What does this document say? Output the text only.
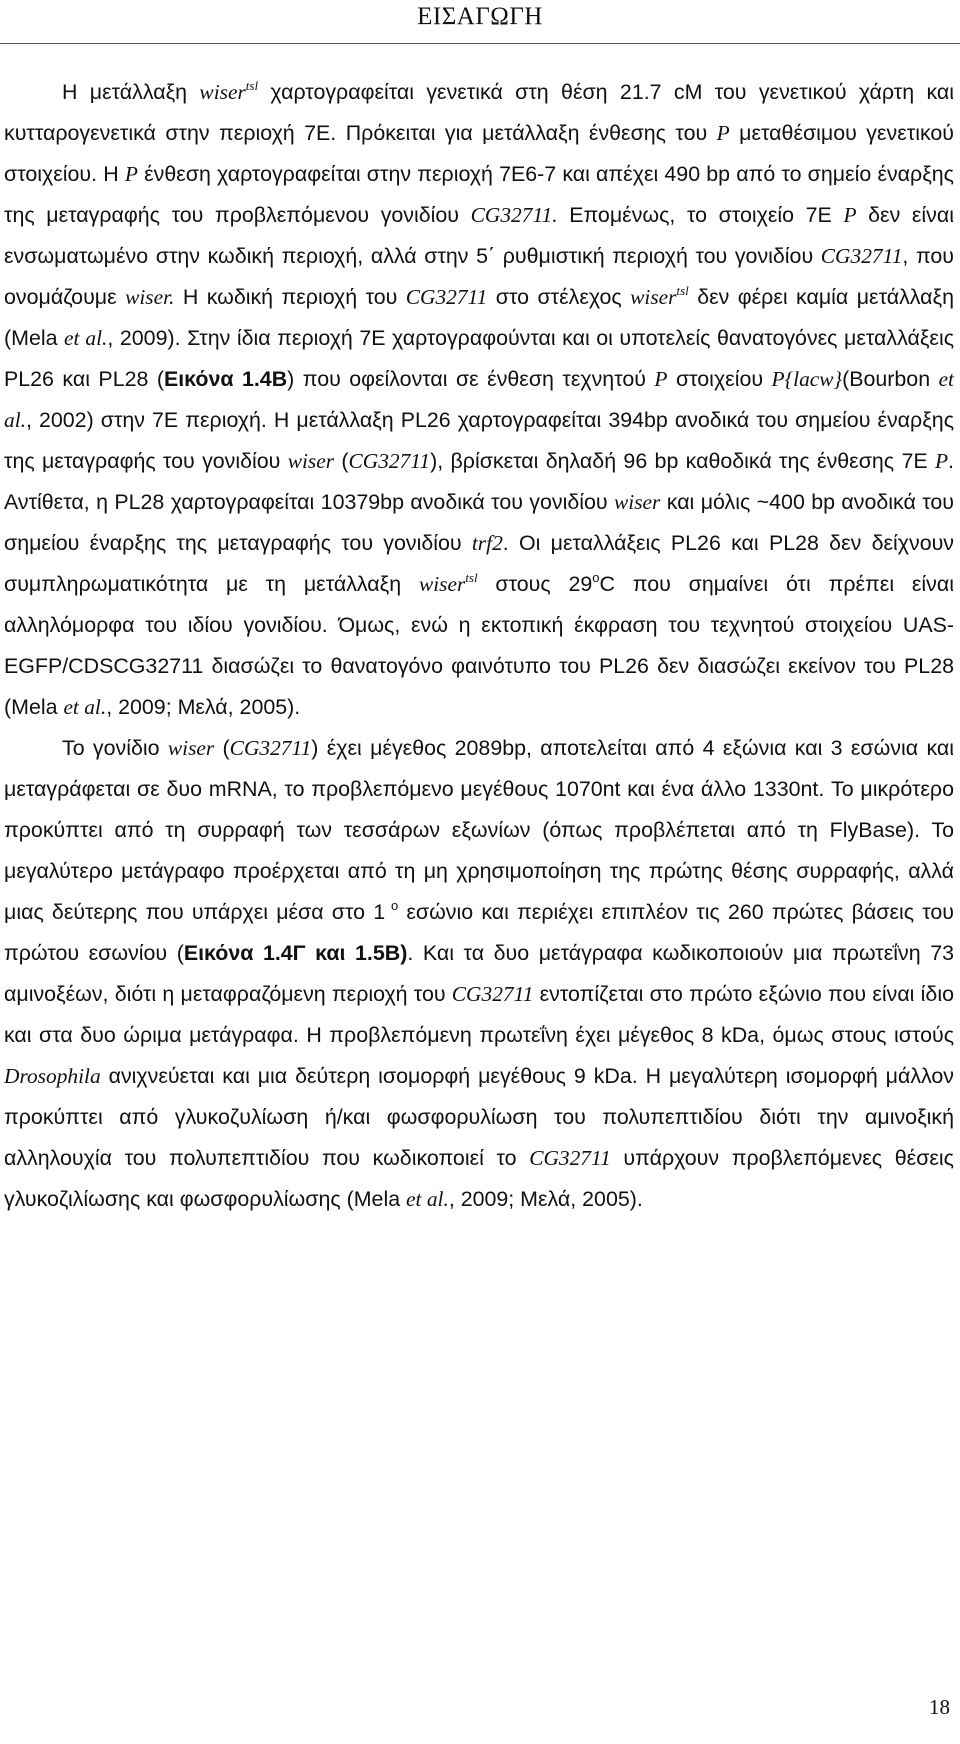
ΕΙΣΑΓΩΓΗ

Η μετάλλαξη wiser$^{tsl}$ χαρτογραφείται γενετικά στη θέση 21.7 cM του γενετικού χάρτη και κυτταρογενετικά στην περιοχή 7E. Πρόκειται για μετάλλαξη ένθεσης του P μεταθέσιμου γενετικού στοιχείου. Η P ένθεση χαρτογραφείται στην περιοχή 7E6-7 και απέχει 490 bp από το σημείο έναρξης της μεταγραφής του προβλεπόμενου γονιδίου CG32711. Επομένως, το στοιχείο 7E P δεν είναι ενσωματωμένο στην κωδική περιοχή, αλλά στην 5΄ ρυθμιστική περιοχή του γονιδίου CG32711, που ονομάζουμε wiser. Η κωδική περιοχή του CG32711 στο στέλεχος wiser$^{tsl}$ δεν φέρει καμία μετάλλαξη (Mela et al., 2009). Στην ίδια περιοχή 7E χαρτογραφούνται και οι υποτελείς θανατογόνες μεταλλάξεις PL26 και PL28 (Εικόνα 1.4B) που οφείλονται σε ένθεση τεχνητού P στοιχείου P{lacw}(Bourbon et al., 2002) στην 7E περιοχή. Η μετάλλαξη PL26 χαρτογραφείται 394bp ανοδικά του σημείου έναρξης της μεταγραφής του γονιδίου wiser (CG32711), βρίσκεται δηλαδή 96 bp καθοδικά της ένθεσης 7E P. Αντίθετα, η PL28 χαρτογραφείται 10379bp ανοδικά του γονιδίου wiser και μόλις ~400 bp ανοδικά του σημείου έναρξης της μεταγραφής του γονιδίου trf2. Οι μεταλλάξεις PL26 και PL28 δεν δείχνουν συμπληρωματικότητα με τη μετάλλαξη wiser$^{tsl}$ στους 29$^o$C που σημαίνει ότι πρέπει είναι αλληλόμορφα του ιδίου γονιδίου. Όμως, ενώ η εκτοπική έκφραση του τεχνητού στοιχείου UAS-EGFP/CDSCG32711 διασώζει το θανατογόνο φαινότυπο του PL26 δεν διασώζει εκείνον του PL28 (Mela et al., 2009; Μελά, 2005).

Το γονίδιο wiser (CG32711) έχει μέγεθος 2089bp, αποτελείται από 4 εξώνια και 3 εσώνια και μεταγράφεται σε δυο mRNA, το προβλεπόμενο μεγέθους 1070nt και ένα άλλο 1330nt. Το μικρότερο προκύπτει από τη συρραφή των τεσσάρων εξωνίων (όπως προβλέπεται από τη FlyBase). Το μεγαλύτερο μετάγραφο προέρχεται από τη μη χρησιμοποίηση της πρώτης θέσης συρραφής, αλλά μιας δεύτερης που υπάρχει μέσα στο 1 $^o$ εσώνιο και περιέχει επιπλέον τις 260 πρώτες βάσεις του πρώτου εσωνίου (Εικόνα 1.4Γ και 1.5Β). Και τα δυο μετάγραφα κωδικοποιούν μια πρωτεΐνη 73 αμινοξέων, διότι η μεταφραζόμενη περιοχή του CG32711 εντοπίζεται στο πρώτο εξώνιο που είναι ίδιο και στα δυο ώριμα μετάγραφα. Η προβλεπόμενη πρωτεΐνη έχει μέγεθος 8 kDa, όμως στους ιστούς Drosophila ανιχνεύεται και μια δεύτερη ισομορφή μεγέθους 9 kDa. Η μεγαλύτερη ισομορφή μάλλον προκύπτει από γλυκοζυλίωση ή/και φωσφορυλίωση του πολυπεπτιδίου διότι την αμινοξική αλληλουχία του πολυπεπτιδίου που κωδικοποιεί το CG32711 υπάρχουν προβλεπόμενες θέσεις γλυκοζιλίωσης και φωσφορυλίωσης (Mela et al., 2009; Μελά, 2005).

18
